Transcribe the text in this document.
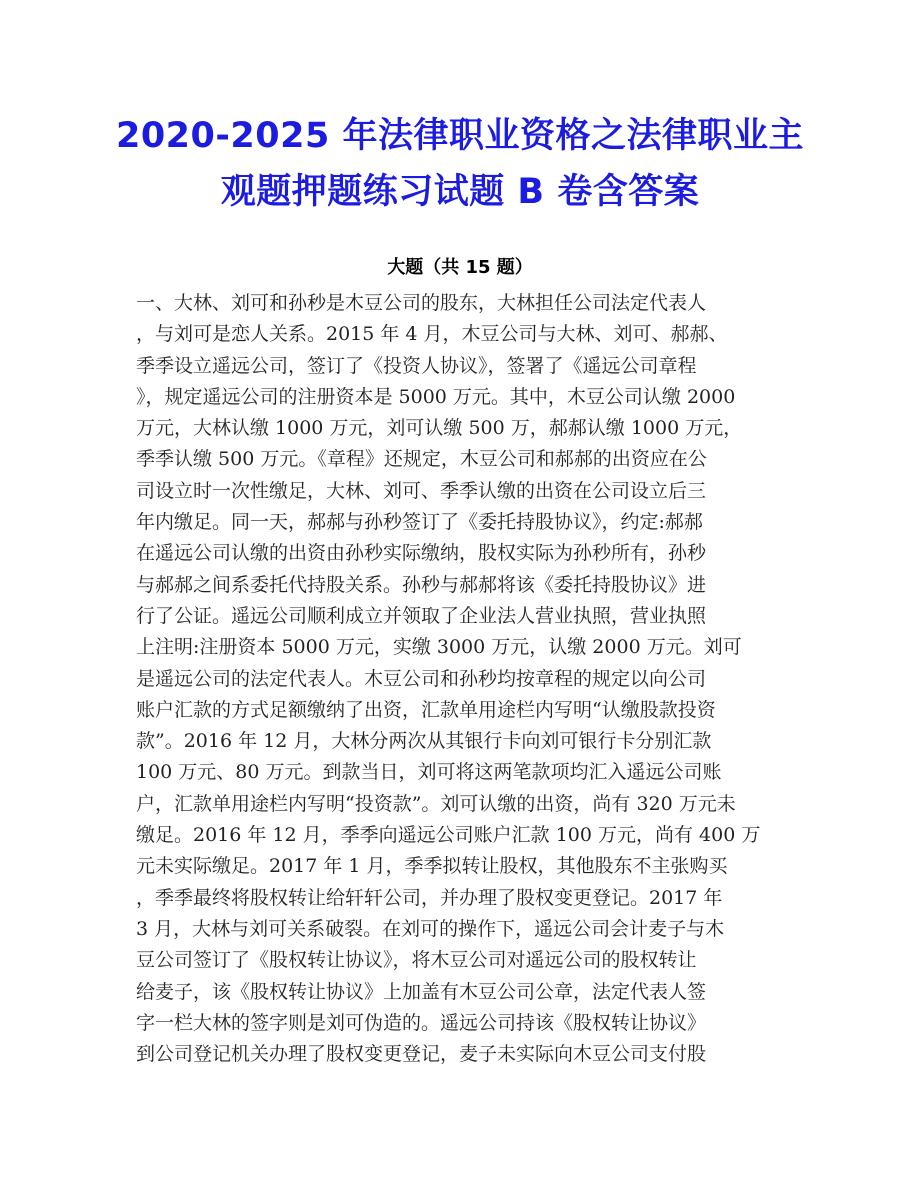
2020-2025 年法律职业资格之法律职业主
观题押题练习试题 B 卷含答案
大题（共 15 题）
一、大林、刘可和孙秒是木豆公司的股东，大林担任公司法定代表人
，与刘可是恋人关系。2015 年 4 月，木豆公司与大林、刘可、郝郝、
季季设立遥远公司，签订了《投资人协议》，签署了《遥远公司章程
》，规定遥远公司的注册资本是 5000 万元。其中，木豆公司认缴 2000
万元，大林认缴 1000 万元，刘可认缴 500 万，郝郝认缴 1000 万元，
季季认缴 500 万元。《章程》还规定，木豆公司和郝郝的出资应在公
司设立时一次性缴足，大林、刘可、季季认缴的出资在公司设立后三
年内缴足。同一天，郝郝与孙秒签订了《委托持股协议》，约定:郝郝
在遥远公司认缴的出资由孙秒实际缴纳，股权实际为孙秒所有，孙秒
与郝郝之间系委托代持股关系。孙秒与郝郝将该《委托持股协议》进
行了公证。遥远公司顺利成立并领取了企业法人营业执照，营业执照
上注明:注册资本 5000 万元，实缴 3000 万元，认缴 2000 万元。刘可
是遥远公司的法定代表人。木豆公司和孙秒均按章程的规定以向公司
账户汇款的方式足额缴纳了出资，汇款单用途栏内写明“认缴股款投资
款”。2016 年 12 月，大林分两次从其银行卡向刘可银行卡分别汇款
100 万元、80 万元。到款当日，刘可将这两笔款项均汇入遥远公司账
户，汇款单用途栏内写明“投资款”。刘可认缴的出资，尚有 320 万元未
缴足。2016 年 12 月，季季向遥远公司账户汇款 100 万元，尚有 400 万
元未实际缴足。2017 年 1 月，季季拟转让股权，其他股东不主张购买
，季季最终将股权转让给轩轩公司，并办理了股权变更登记。2017 年
3 月，大林与刘可关系破裂。在刘可的操作下，遥远公司会计麦子与木
豆公司签订了《股权转让协议》，将木豆公司对遥远公司的股权转让
给麦子，该《股权转让协议》上加盖有木豆公司公章，法定代表人签
字一栏大林的签字则是刘可伪造的。遥远公司持该《股权转让协议》
到公司登记机关办理了股权变更登记，麦子未实际向木豆公司支付股
